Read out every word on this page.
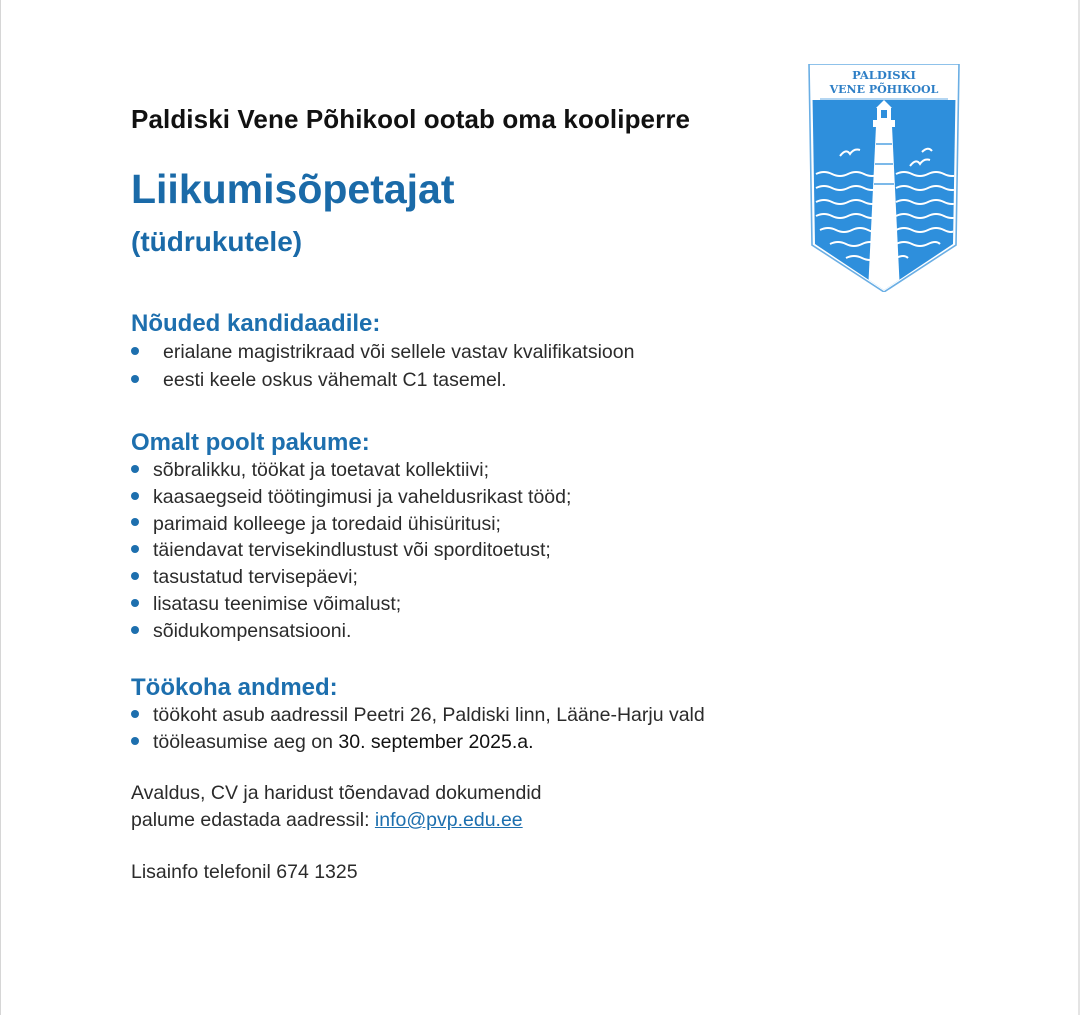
PALDISKI
VENE PÕHIKOOL
Paldiski Vene Põhikool ootab oma kooliperre
Liikumisõpetajat
(tüdrukutele)
Nõuded kandidaadile:
erialane magistrikraad või sellele vastav kvalifikatsioon
eesti keele oskus vähemalt C1 tasemel.
Omalt poolt pakume:
sõbralikku, töökat ja toetavat kollektiivi;
kaasaegseid töötingimusi ja vaheldusrikast tööd;
parimaid kolleege ja toredaid ühisüritusi;
täiendavat tervisekindlustust või sporditoetust;
tasustatud tervisepäevi;
lisatasu teenimise võimalust;
sõidukompensatsiooni.
Töökoha andmed:
töökoht asub aadressil Peetri 26, Paldiski linn, Lääne-Harju vald
tööleasumise aeg on 30. september 2025.a.
Avaldus, CV ja haridust tõendavad dokumendid
palume edastada aadressil: info@pvp.edu.ee
Lisainfo telefonil 674 1325
